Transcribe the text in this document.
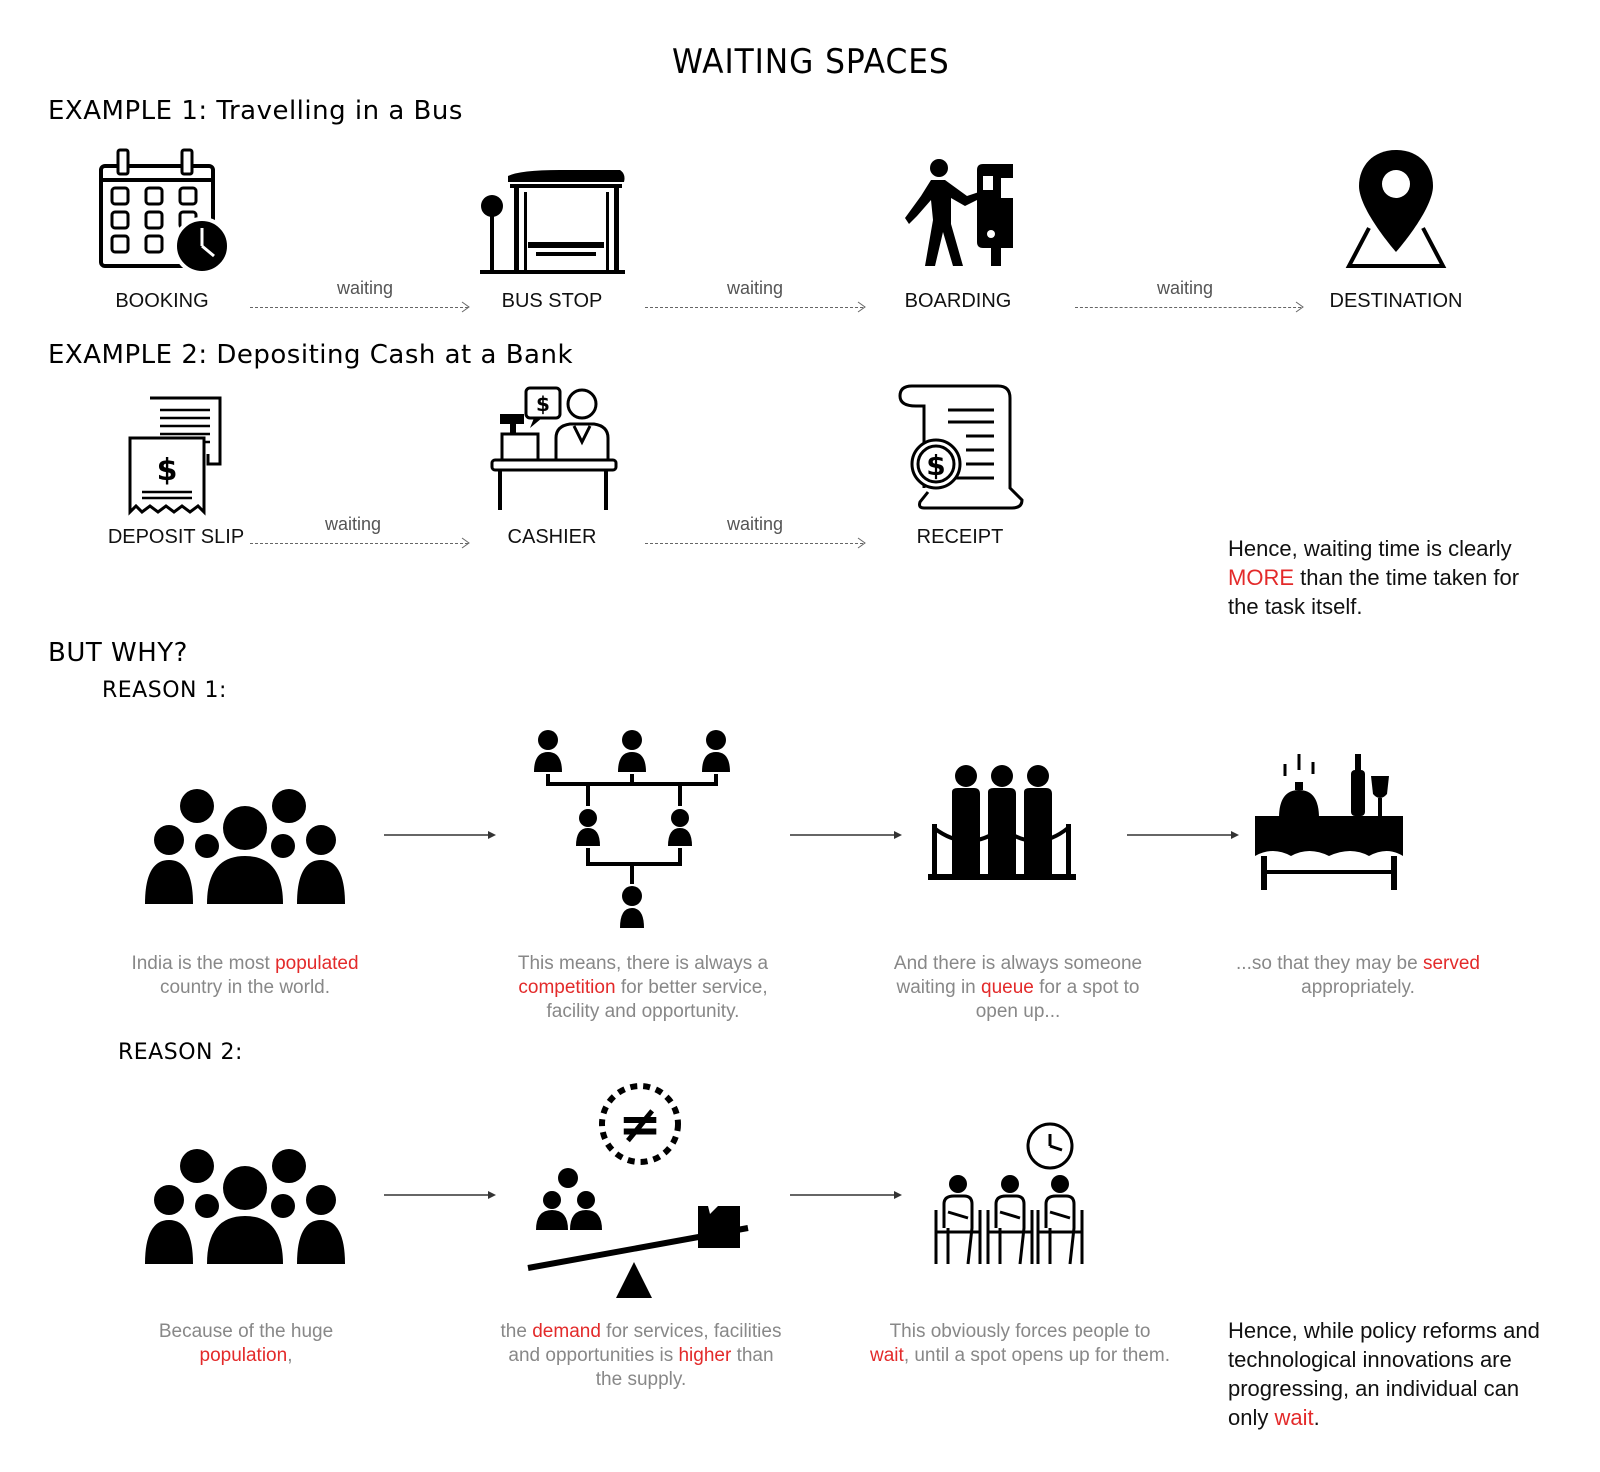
WAITING SPACES
EXAMPLE 1: Travelling in a Bus
BOOKING	BUS STOP	BOARDING	DESTINATION
waiting	waiting	waiting
EXAMPLE 2: Depositing Cash at a Bank
$
$
$
DEPOSIT SLIP	CASHIER	RECEIPT
waiting	waiting
Hence, waiting time is clearly
MORE than the time taken for
the task itself.
BUT WHY?
REASON 1:
India is the most populated country in the world.
This means, there is always a competition for better service, facility and opportunity.
And there is always someone waiting in queue for a spot to open up...
...so that they may be served appropriately.
REASON 2:
≠
Because of the huge population,
the demand for services, facilities and opportunities is higher than the supply.
This obviously forces people to wait, until a spot opens up for them.
Hence, while policy reforms and technological innovations are progressing, an individual can only wait.
